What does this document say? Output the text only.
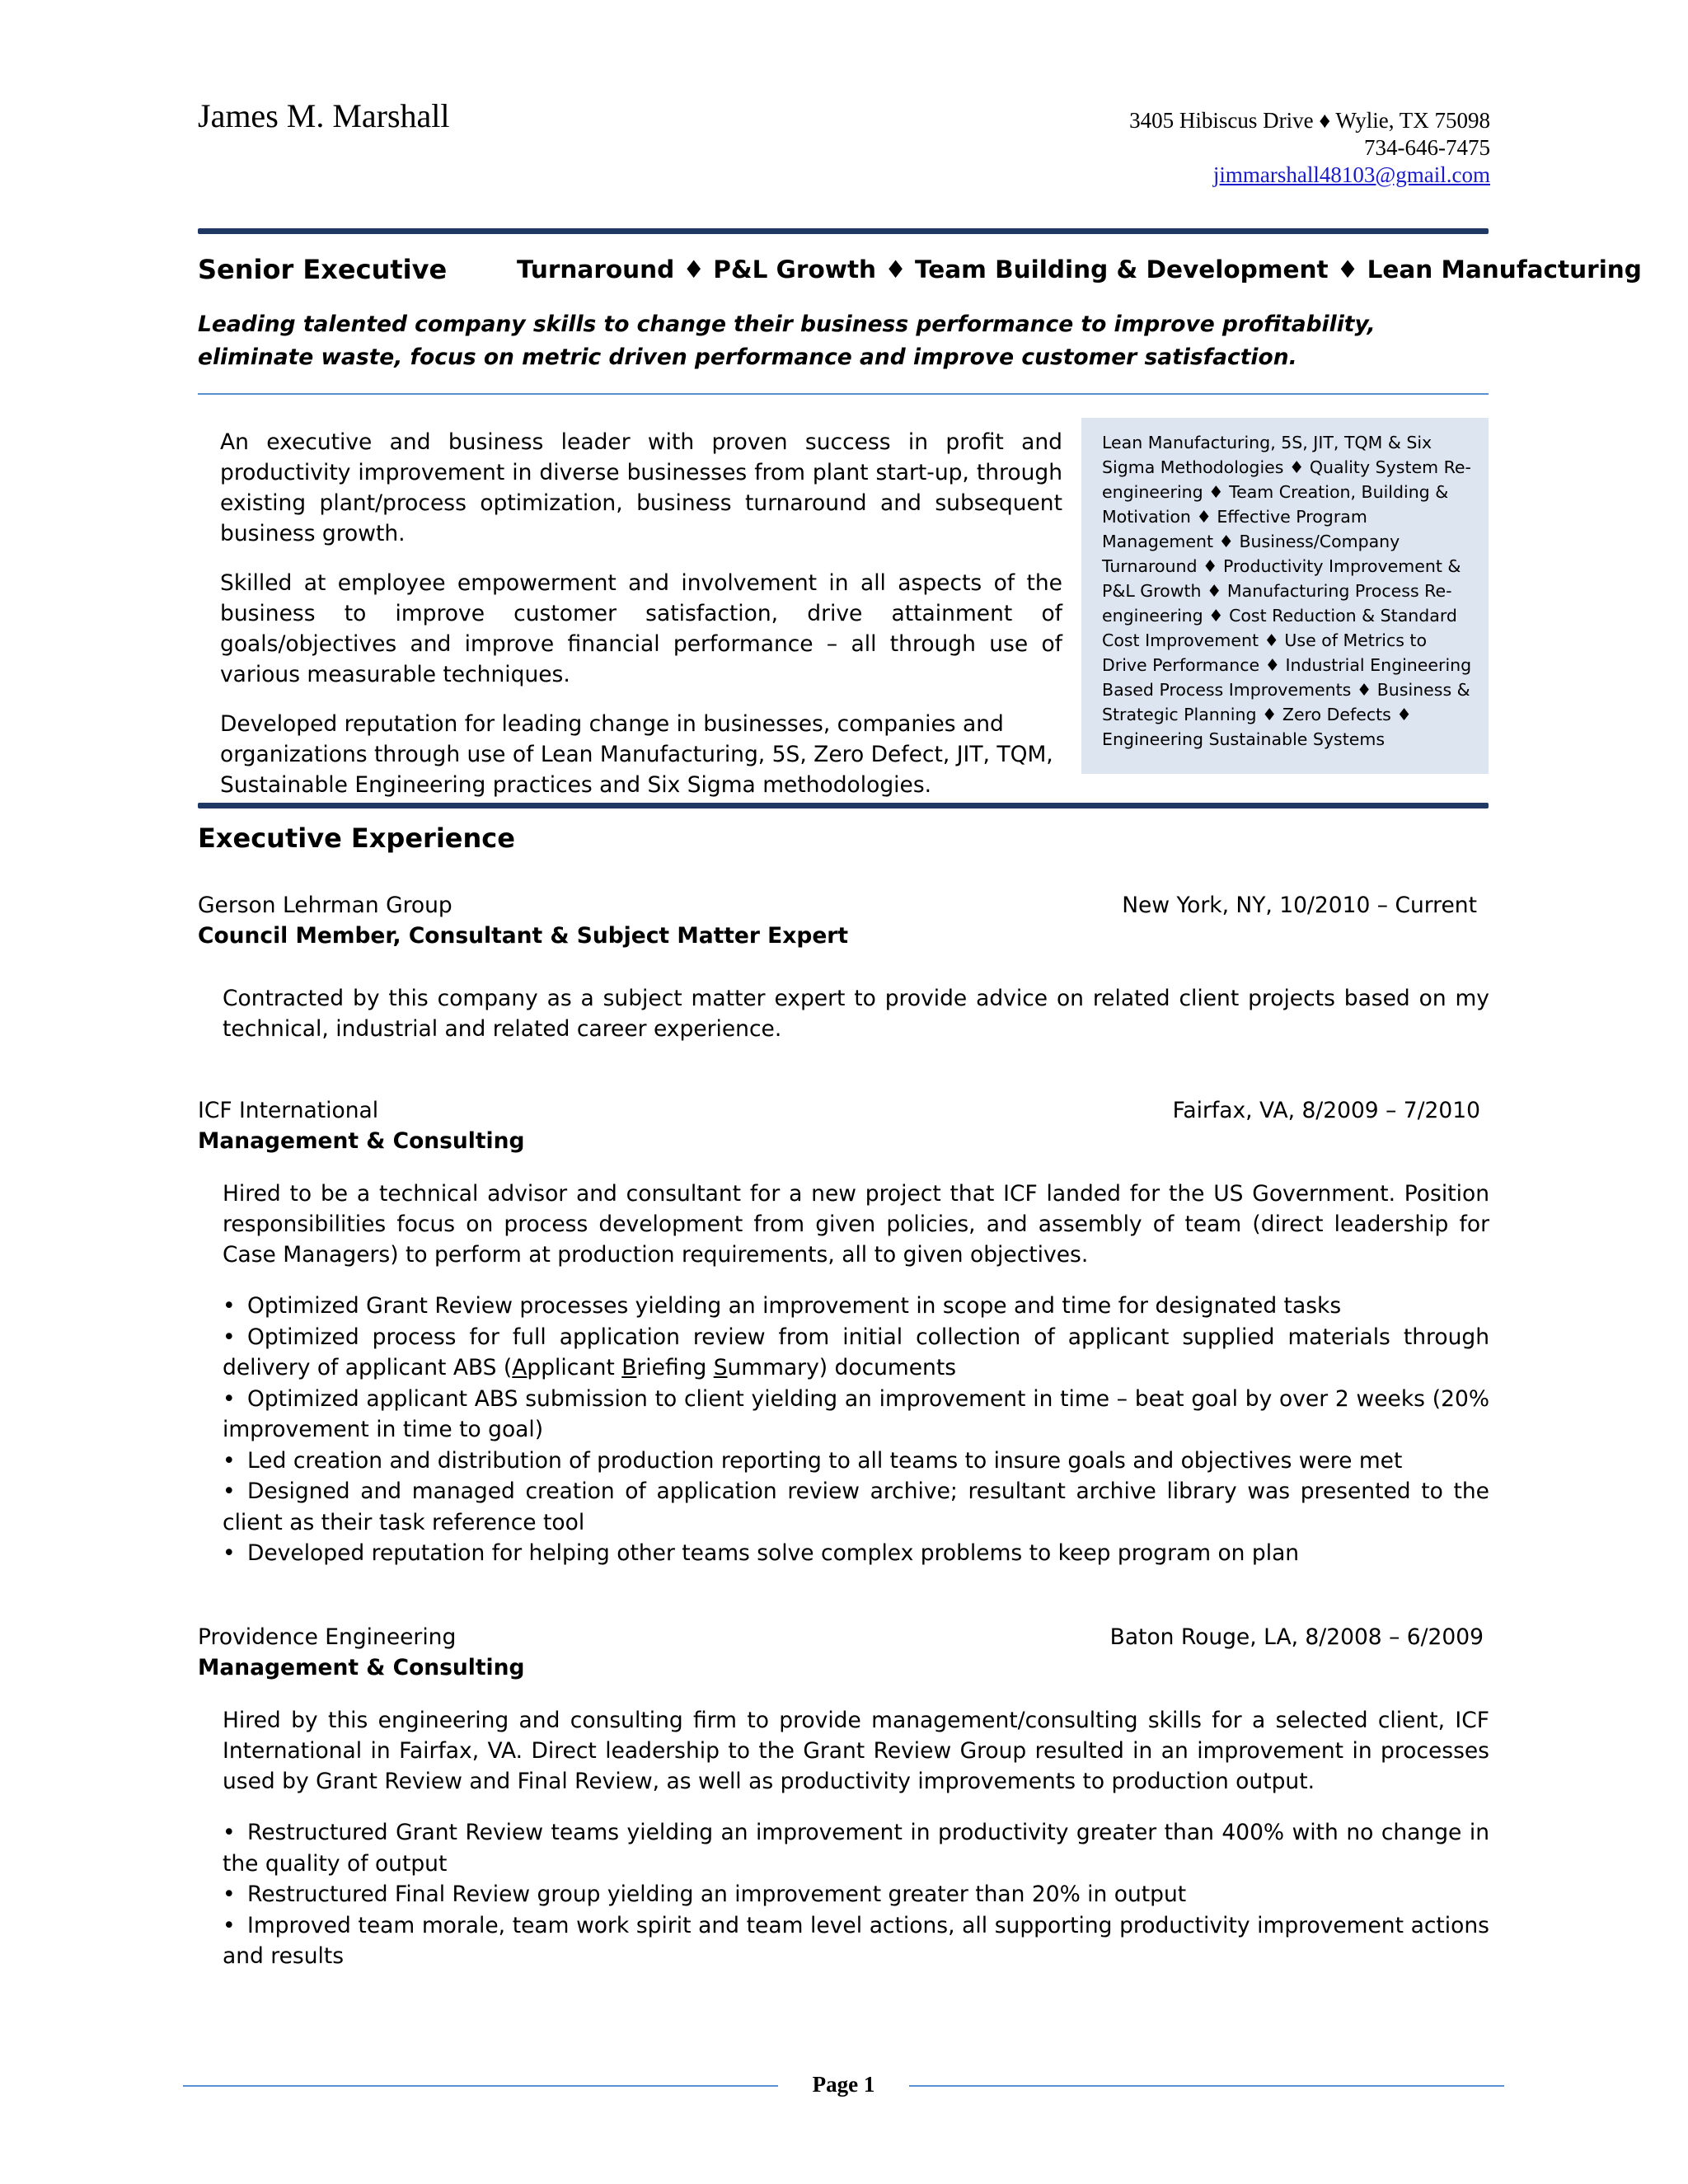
James M. Marshall	3405 Hibiscus Drive ♦ Wylie, TX 75098
734-646-7475
jimmarshall48103@gmail.com
Senior Executive	Turnaround ♦ P&L Growth ♦ Team Building & Development ♦ Lean Manufacturing
Leading talented company skills to change their business performance to improve profitability, eliminate waste, focus on metric driven performance and improve customer satisfaction.

An executive and business leader with proven success in profit and productivity improvement in diverse businesses from plant start-up, through existing plant/process optimization, business turnaround and subsequent business growth.

Skilled at employee empowerment and involvement in all aspects of the business to improve customer satisfaction, drive attainment of goals/objectives and improve financial performance – all through use of various measurable techniques.

Developed reputation for leading change in businesses, companies and organizations through use of Lean Manufacturing, 5S, Zero Defect, JIT, TQM, Sustainable Engineering practices and Six Sigma methodologies.

Lean Manufacturing, 5S, JIT, TQM & Six Sigma Methodologies ♦ Quality System Re-engineering ♦ Team Creation, Building & Motivation ♦ Effective Program Management ♦ Business/Company Turnaround ♦ Productivity Improvement & P&L Growth ♦ Manufacturing Process Re-engineering ♦ Cost Reduction & Standard Cost Improvement ♦ Use of Metrics to Drive Performance ♦ Industrial Engineering Based Process Improvements ♦ Business & Strategic Planning ♦ Zero Defects ♦ Engineering Sustainable Systems
Executive Experience
Gerson Lehrman Group	New York, NY, 10/2010 – Current
Council Member, Consultant & Subject Matter Expert

Contracted by this company as a subject matter expert to provide advice on related client projects based on my technical, industrial and related career experience.

ICF International	Fairfax, VA, 8/2009 – 7/2010
Management & Consulting

Hired to be a technical advisor and consultant for a new project that ICF landed for the US Government. Position responsibilities focus on process development from given policies, and assembly of team (direct leadership for Case Managers) to perform at production requirements, all to given objectives.

• Optimized Grant Review processes yielding an improvement in scope and time for designated tasks
• Optimized process for full application review from initial collection of applicant supplied materials through delivery of applicant ABS (Applicant Briefing Summary) documents
• Optimized applicant ABS submission to client yielding an improvement in time – beat goal by over 2 weeks (20% improvement in time to goal)
• Led creation and distribution of production reporting to all teams to insure goals and objectives were met
• Designed and managed creation of application review archive; resultant archive library was presented to the client as their task reference tool
• Developed reputation for helping other teams solve complex problems to keep program on plan
Providence Engineering	Baton Rouge, LA, 8/2008 – 6/2009
Management & Consulting

Hired by this engineering and consulting firm to provide management/consulting skills for a selected client, ICF International in Fairfax, VA. Direct leadership to the Grant Review Group resulted in an improvement in processes used by Grant Review and Final Review, as well as productivity improvements to production output.

• Restructured Grant Review teams yielding an improvement in productivity greater than 400% with no change in the quality of output
• Restructured Final Review group yielding an improvement greater than 20% in output
• Improved team morale, team work spirit and team level actions, all supporting productivity improvement actions and results
Page 1
